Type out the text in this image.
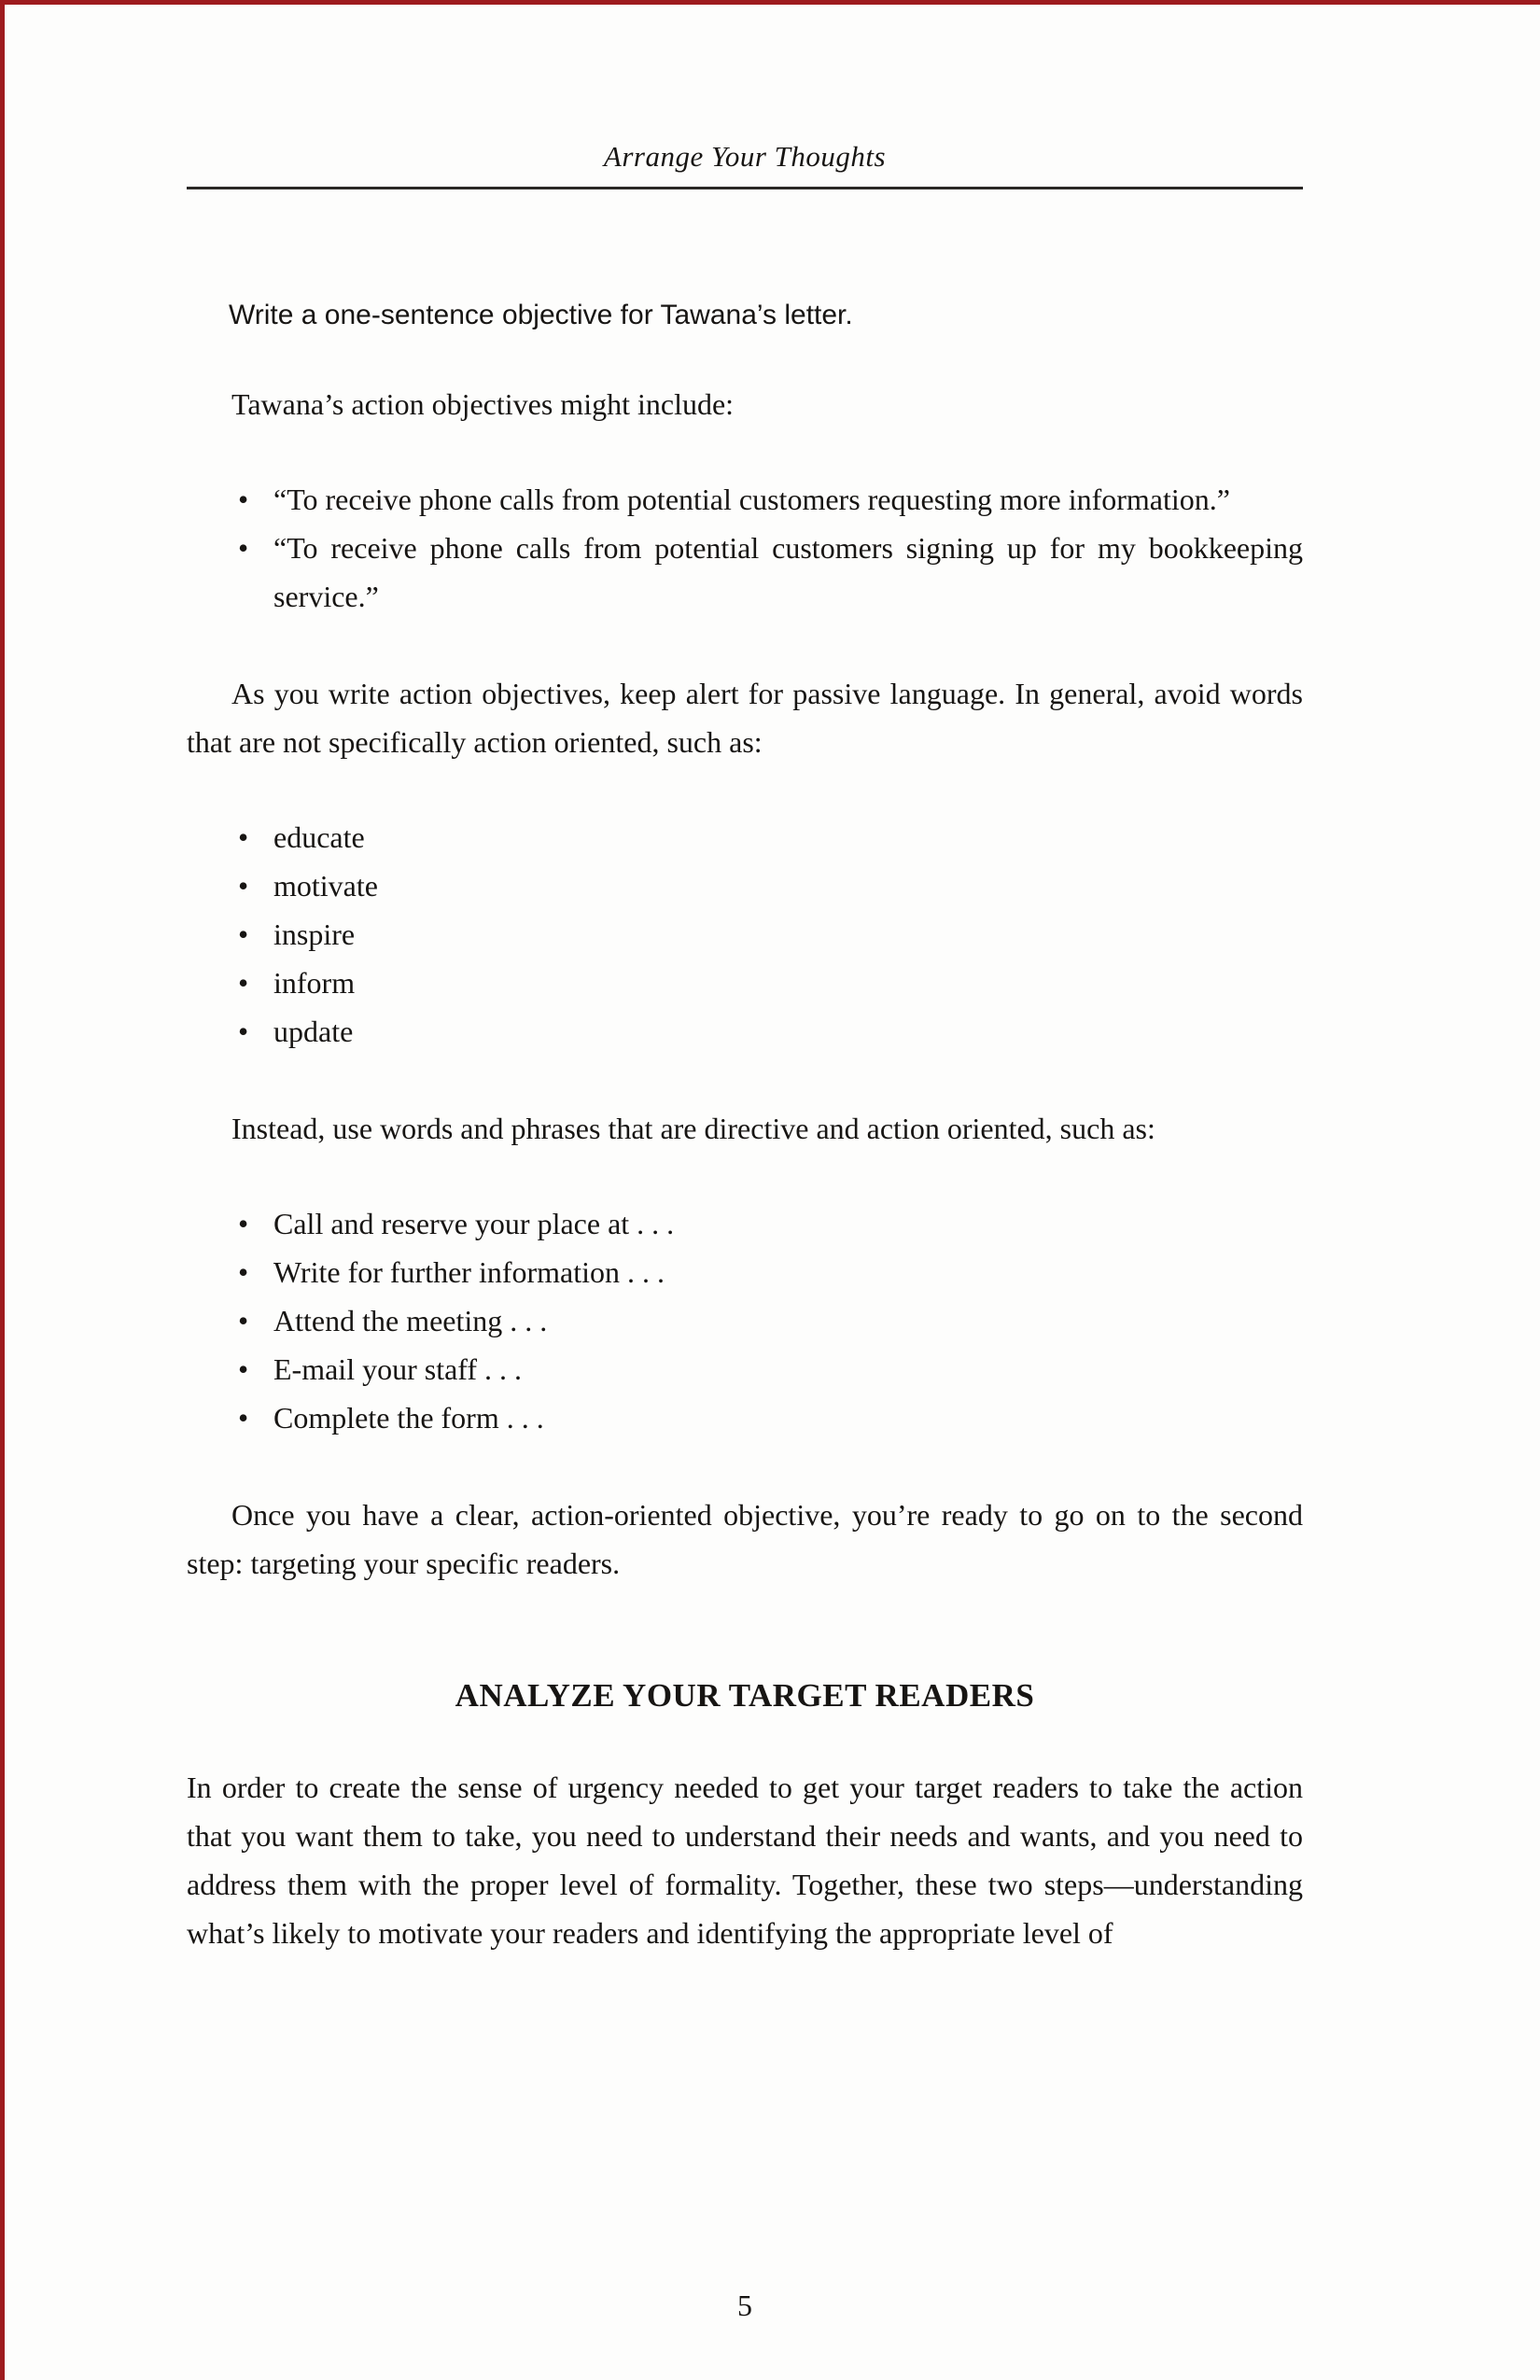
Arrange Your Thoughts
Write a one-sentence objective for Tawana’s letter.

Tawana’s action objectives might include:

• “To receive phone calls from potential customers requesting more information.”
• “To receive phone calls from potential customers signing up for my bookkeeping service.”

As you write action objectives, keep alert for passive language. In general, avoid words that are not specifically action oriented, such as:

• educate
• motivate
• inspire
• inform
• update

Instead, use words and phrases that are directive and action oriented, such as:

• Call and reserve your place at . . .
• Write for further information . . .
• Attend the meeting . . .
• E-mail your staff . . .
• Complete the form . . .

Once you have a clear, action-oriented objective, you’re ready to go on to the second step: targeting your specific readers.

ANALYZE YOUR TARGET READERS

In order to create the sense of urgency needed to get your target readers to take the action that you want them to take, you need to understand their needs and wants, and you need to address them with the proper level of formality. Together, these two steps—understanding what’s likely to motivate your readers and identifying the appropriate level of

5
